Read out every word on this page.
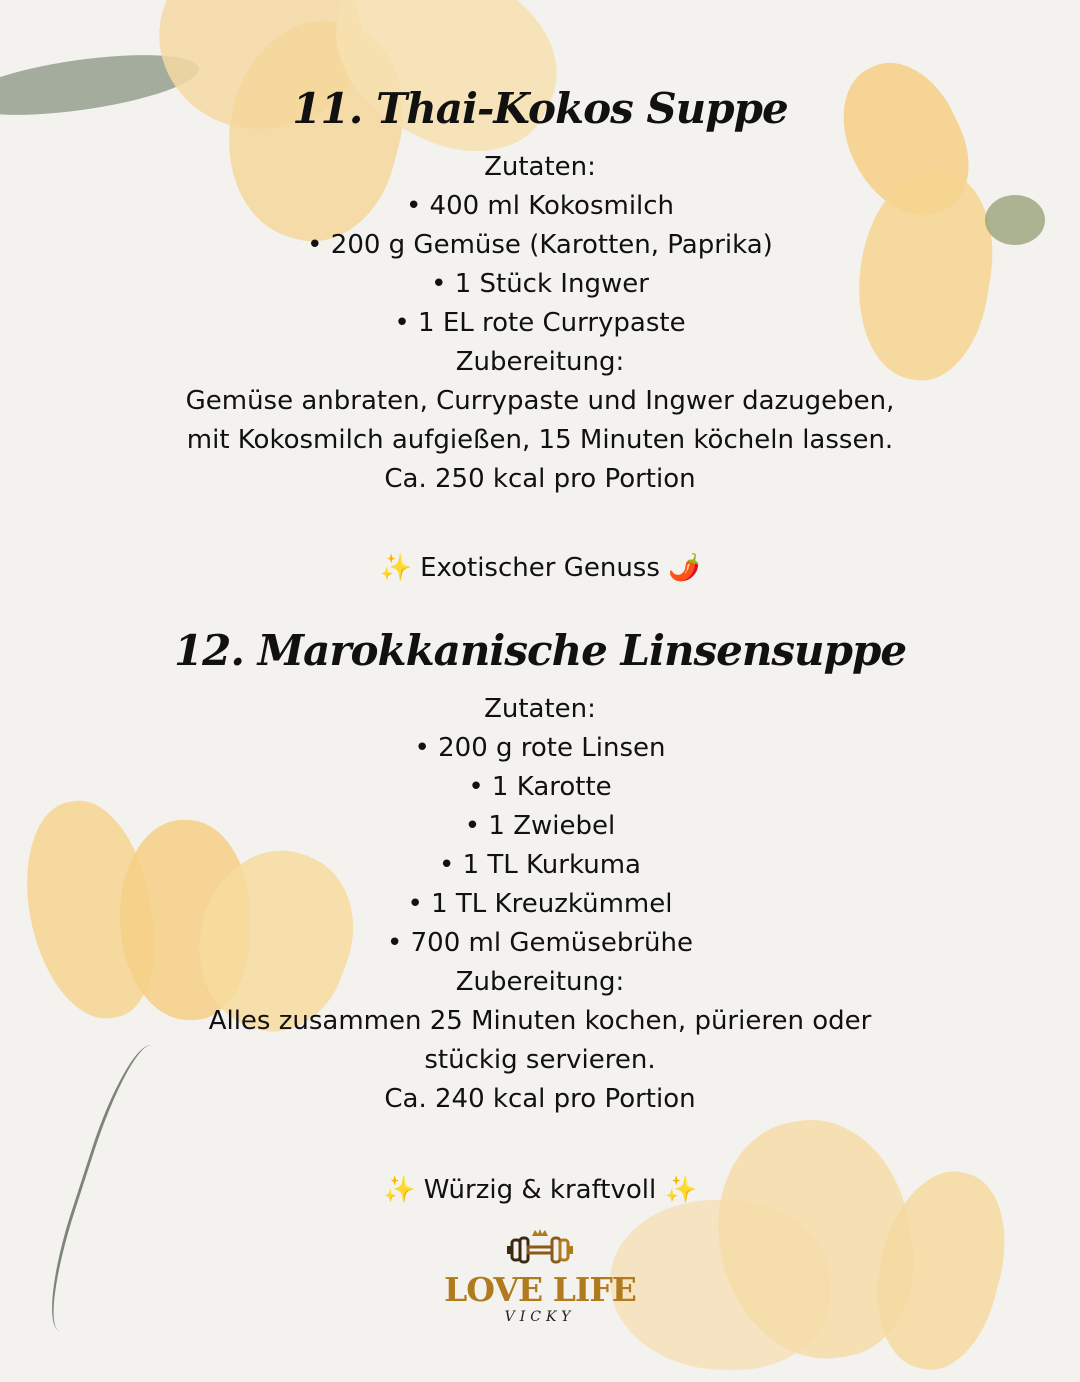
11. Thai-Kokos Suppe
Zutaten:
• 400 ml Kokosmilch
• 200 g Gemüse (Karotten, Paprika)
• 1 Stück Ingwer
• 1 EL rote Currypaste
Zubereitung:
Gemüse anbraten, Currypaste und Ingwer dazugeben,
mit Kokosmilch aufgießen, 15 Minuten köcheln lassen.
Ca. 250 kcal pro Portion
✨ Exotischer Genuss 🌶️
12. Marokkanische Linsensuppe
Zutaten:
• 200 g rote Linsen
• 1 Karotte
• 1 Zwiebel
• 1 TL Kurkuma
• 1 TL Kreuzkümmel
• 700 ml Gemüsebrühe
Zubereitung:
Alles zusammen 25 Minuten kochen, pürieren oder
stückig servieren.
Ca. 240 kcal pro Portion
✨ Würzig & kraftvoll ✨
LOVE LIFE
VICKY
